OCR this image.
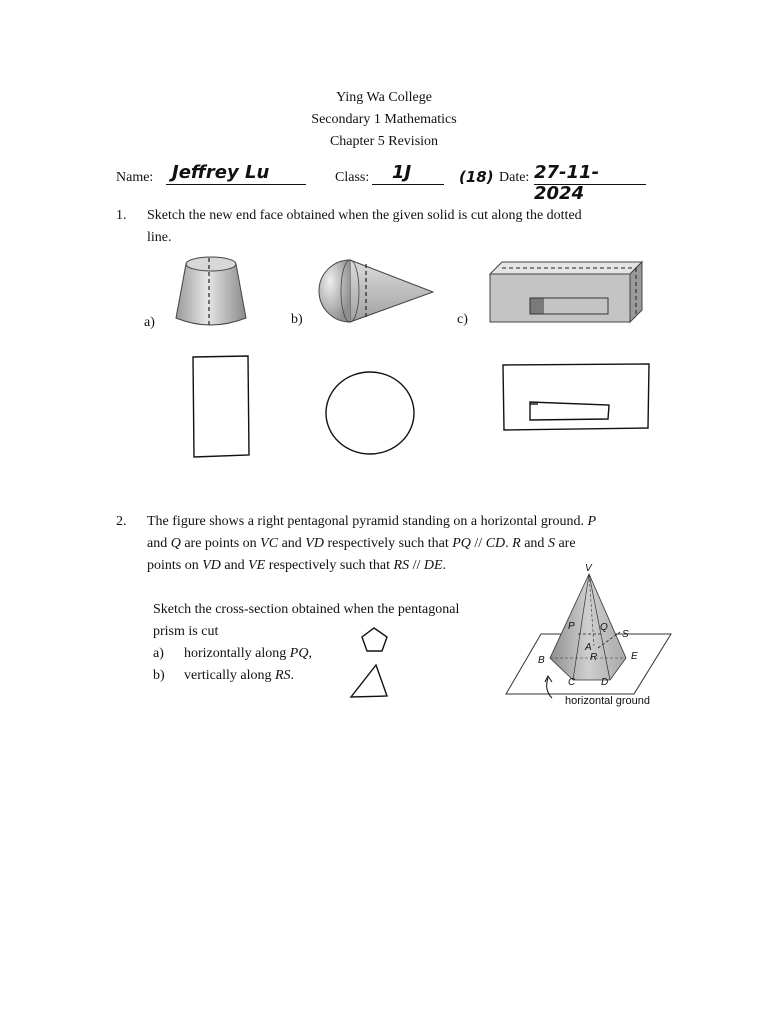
Ying Wa College
Secondary 1 Mathematics
Chapter 5 Revision
Name: Jeffrey Lu	Class: 1J	(18) Date: 27-11-2024
1. Sketch the new end face obtained when the given solid is cut along the dotted
line.
a)	b)	c)
2. The figure shows a right pentagonal pyramid standing on a horizontal ground. P
and Q are points on VC and VD respectively such that PQ // CD. R and S are
points on VD and VE respectively such that RS // DE.
Sketch the cross-section obtained when the pentagonal
prism is cut
a) horizontally along PQ,
b) vertically along RS.
V
P	Q
S
A
R
B	E
C	D
horizontal ground
